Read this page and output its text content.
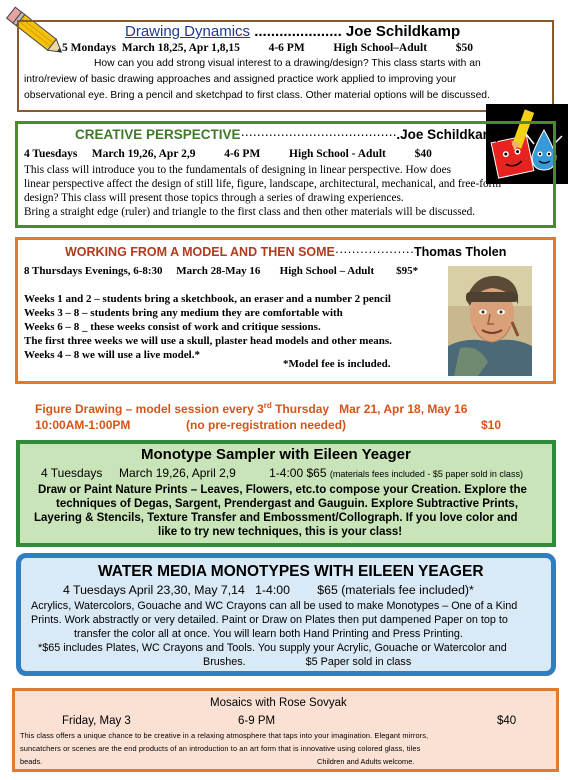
Drawing Dynamics ..................... Joe Schildkamp
5 Mondays  March 18,25, Apr 1,8,15          4-6 PM          High School–Adult          $50
How can you add strong visual interest to a drawing/design? This class starts with an
intro/review of basic drawing approaches and assigned practice work applied to improving your
observational eye. Bring a pencil and sketchpad to first class. Other material options will be discussed.
CREATIVE PERSPECTIVE·······································.Joe Schildkamp
4 Tuesdays     March 19,26, Apr 2,9          4-6 PM          High School - Adult          $40
This class will introduce you to the fundamentals of designing in linear perspective. How does
linear perspective affect the design of still life, figure, landscape, architectural, mechanical, and free-form
design? This class will present those topics through a series of drawing experiences.
Bring a straight edge (ruler) and triangle to the first class and then other materials will be discussed.
WORKING FROM A MODEL AND THEN SOME···················Thomas Tholen
8 Thursdays Evenings, 6-8:30     March 28-May 16       High School – Adult        $95*
Weeks 1 and 2 – students bring a sketchbook, an eraser and a number 2 pencil
Weeks 3 – 8 – students bring any medium they are comfortable with
Weeks 6 – 8 _ these weeks consist of work and critique sessions.
The first three weeks we will use a skull, plaster head models and other means.
Weeks 4 – 8 we will use a live model.*
*Model fee is included.
Figure Drawing – model session every 3rd Thursday   Mar 21, Apr 18, May 16
10:00AM-1:00PM	(no pre-registration needed)	$10
Monotype Sampler with Eileen Yeager
4 Tuesdays     March 19,26, April 2,9          1-4:00 $65 (materials fees included - $5 paper sold in class)
Draw or Paint Nature Prints – Leaves, Flowers, etc.to compose your Creation. Explore the
techniques of Degas, Sargent, Prendergast and Gauguin. Explore Subtractive Prints,
Layering & Stencils, Texture Transfer and Embossment/Collograph. If you love color and
like to try new techniques, this is your class!
WATER MEDIA MONOTYPES WITH EILEEN YEAGER
4 Tuesdays April 23,30, May 7,14   1-4:00        $65 (materials fee included)*
Acrylics, Watercolors, Gouache and WC Crayons can all be used to make Monotypes – One of a Kind
Prints. Work abstractly or very detailed. Paint or Draw on Plates then put dampened Paper on top to
transfer the color all at once. You will learn both Hand Printing and Press Printing.
*$65 includes Plates, WC Crayons and Tools. You supply your Acrylic, Gouache or Watercolor and
Brushes.                    $5 Paper sold in class
Mosaics with Rose Sovyak
Friday, May 3	6-9 PM	$40
This class offers a unique chance to be creative in a relaxing atmosphere that taps into your imagination. Elegant mirrors,
suncatchers or scenes are the end products of an introduction to an art form that is innovative using colored glass, tiles
beads.	Children and Adults welcome.
